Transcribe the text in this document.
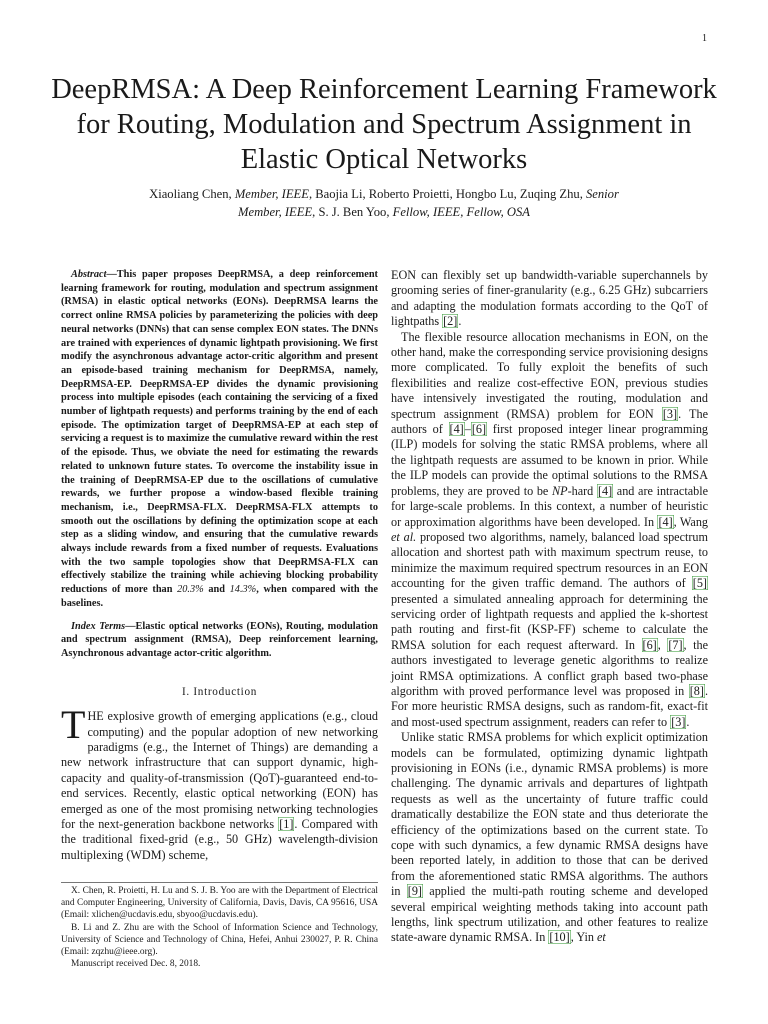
1
DeepRMSA: A Deep Reinforcement Learning Framework for Routing, Modulation and Spectrum Assignment in Elastic Optical Networks
Xiaoliang Chen, Member, IEEE, Baojia Li, Roberto Proietti, Hongbo Lu, Zuqing Zhu, Senior
Member, IEEE, S. J. Ben Yoo, Fellow, IEEE, Fellow, OSA

Abstract—This paper proposes DeepRMSA, a deep reinforcement learning framework for routing, modulation and spectrum assignment (RMSA) in elastic optical networks (EONs). DeepRMSA learns the correct online RMSA policies by parameterizing the policies with deep neural networks (DNNs) that can sense complex EON states. The DNNs are trained with experiences of dynamic lightpath provisioning. We first modify the asynchronous advantage actor-critic algorithm and present an episode-based training mechanism for DeepRMSA, namely, DeepRMSA-EP. DeepRMSA-EP divides the dynamic provisioning process into multiple episodes (each containing the servicing of a fixed number of lightpath requests) and performs training by the end of each episode. The optimization target of DeepRMSA-EP at each step of servicing a request is to maximize the cumulative reward within the rest of the episode. Thus, we obviate the need for estimating the rewards related to unknown future states. To overcome the instability issue in the training of DeepRMSA-EP due to the oscillations of cumulative rewards, we further propose a window-based flexible training mechanism, i.e., DeepRMSA-FLX. DeepRMSA-FLX attempts to smooth out the oscillations by defining the optimization scope at each step as a sliding window, and ensuring that the cumulative rewards always include rewards from a fixed number of requests. Evaluations with the two sample topologies show that DeepRMSA-FLX can effectively stabilize the training while achieving blocking probability reductions of more than 20.3% and 14.3%, when compared with the baselines.

Index Terms—Elastic optical networks (EONs), Routing, modulation and spectrum assignment (RMSA), Deep reinforcement learning, Asynchronous advantage actor-critic algorithm.

I. Introduction

THE explosive growth of emerging applications (e.g., cloud computing) and the popular adoption of new networking paradigms (e.g., the Internet of Things) are demanding a new network infrastructure that can support dynamic, high-capacity and quality-of-transmission (QoT)-guaranteed end-to-end services. Recently, elastic optical networking (EON) has emerged as one of the most promising networking technologies for the next-generation backbone networks [1]. Compared with the traditional fixed-grid (e.g., 50 GHz) wavelength-division multiplexing (WDM) scheme,

X. Chen, R. Proietti, H. Lu and S. J. B. Yoo are with the Department of Electrical and Computer Engineering, University of California, Davis, Davis, CA 95616, USA (Email: xlichen@ucdavis.edu, sbyoo@ucdavis.edu).

B. Li and Z. Zhu are with the School of Information Science and Technology, University of Science and Technology of China, Hefei, Anhui 230027, P. R. China (Email: zqzhu@ieee.org).

Manuscript received Dec. 8, 2018.

EON can flexibly set up bandwidth-variable superchannels by grooming series of finer-granularity (e.g., 6.25 GHz) subcarriers and adapting the modulation formats according to the QoT of lightpaths [2].

The flexible resource allocation mechanisms in EON, on the other hand, make the corresponding service provisioning designs more complicated. To fully exploit the benefits of such flexibilities and realize cost-effective EON, previous studies have intensively investigated the routing, modulation and spectrum assignment (RMSA) problem for EON [3]. The authors of [4]–[6] first proposed integer linear programming (ILP) models for solving the static RMSA problems, where all the lightpath requests are assumed to be known in prior. While the ILP models can provide the optimal solutions to the RMSA problems, they are proved to be NP-hard [4] and are intractable for large-scale problems. In this context, a number of heuristic or approximation algorithms have been developed. In [4], Wang et al. proposed two algorithms, namely, balanced load spectrum allocation and shortest path with maximum spectrum reuse, to minimize the maximum required spectrum resources in an EON accounting for the given traffic demand. The authors of [5] presented a simulated annealing approach for determining the servicing order of lightpath requests and applied the k-shortest path routing and first-fit (KSP-FF) scheme to calculate the RMSA solution for each request afterward. In [6], [7], the authors investigated to leverage genetic algorithms to realize joint RMSA optimizations. A conflict graph based two-phase algorithm with proved performance level was proposed in [8]. For more heuristic RMSA designs, such as random-fit, exact-fit and most-used spectrum assignment, readers can refer to [3].

Unlike static RMSA problems for which explicit optimization models can be formulated, optimizing dynamic lightpath provisioning in EONs (i.e., dynamic RMSA problems) is more challenging. The dynamic arrivals and departures of lightpath requests as well as the uncertainty of future traffic could dramatically destabilize the EON state and thus deteriorate the efficiency of the optimizations based on the current state. To cope with such dynamics, a few dynamic RMSA designs have been reported lately, in addition to those that can be derived from the aforementioned static RMSA algorithms. The authors in [9] applied the multi-path routing scheme and developed several empirical weighting methods taking into account path lengths, link spectrum utilization, and other features to realize state-aware dynamic RMSA. In [10], Yin et
